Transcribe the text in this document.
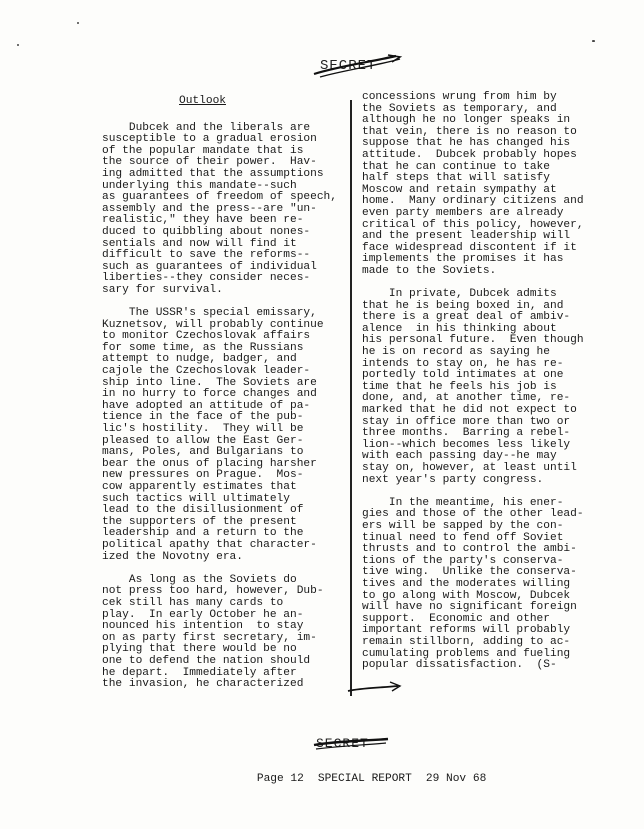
SECRET
Outlook

Dubcek and the liberals are
susceptible to a gradual erosion
of the popular mandate that is
the source of their power.  Hav-
ing admitted that the assumptions
underlying this mandate--such
as guarantees of freedom of speech,
assembly and the press--are "un-
realistic," they have been re-
duced to quibbling about nones-
sentials and now will find it
difficult to save the reforms--
such as guarantees of individual
liberties--they consider neces-
sary for survival.

The USSR's special emissary,
Kuznetsov, will probably continue
to monitor Czechoslovak affairs
for some time, as the Russians
attempt to nudge, badger, and
cajole the Czechoslovak leader-
ship into line.  The Soviets are
in no hurry to force changes and
have adopted an attitude of pa-
tience in the face of the pub-
lic's hostility.  They will be
pleased to allow the East Ger-
mans, Poles, and Bulgarians to
bear the onus of placing harsher
new pressures on Prague.  Mos-
cow apparently estimates that
such tactics will ultimately
lead to the disillusionment of
the supporters of the present
leadership and a return to the
political apathy that character-
ized the Novotny era.

As long as the Soviets do
not press too hard, however, Dub-
cek still has many cards to
play.  In early October he an-
nounced his intention  to stay
on as party first secretary, im-
plying that there would be no
one to defend the nation should
he depart.  Immediately after
the invasion, he characterized

concessions wrung from him by
the Soviets as temporary, and
although he no longer speaks in
that vein, there is no reason to
suppose that he has changed his
attitude.  Dubcek probably hopes
that he can continue to take
half steps that will satisfy
Moscow and retain sympathy at
home.  Many ordinary citizens and
even party members are already
critical of this policy, however,
and the present leadership will
face widespread discontent if it
implements the promises it has
made to the Soviets.

In private, Dubcek admits
that he is being boxed in, and
there is a great deal of ambiv-
alence  in his thinking about
his personal future.  Even though
he is on record as saying he
intends to stay on, he has re-
portedly told intimates at one
time that he feels his job is
done, and, at another time, re-
marked that he did not expect to
stay in office more than two or
three months.  Barring a rebel-
lion--which becomes less likely
with each passing day--he may
stay on, however, at least until
next year's party congress.

In the meantime, his ener-
gies and those of the other lead-
ers will be sapped by the con-
tinual need to fend off Soviet
thrusts and to control the ambi-
tions of the party's conserva-
tive wing.  Unlike the conserva-
tives and the moderates willing
to go along with Moscow, Dubcek
will have no significant foreign
support.  Economic and other
important reforms will probably
remain stillborn, adding to ac-
cumulating problems and fueling
popular dissatisfaction.  (S-

SECRET

Page 12 SPECIAL REPORT 29 Nov 68
